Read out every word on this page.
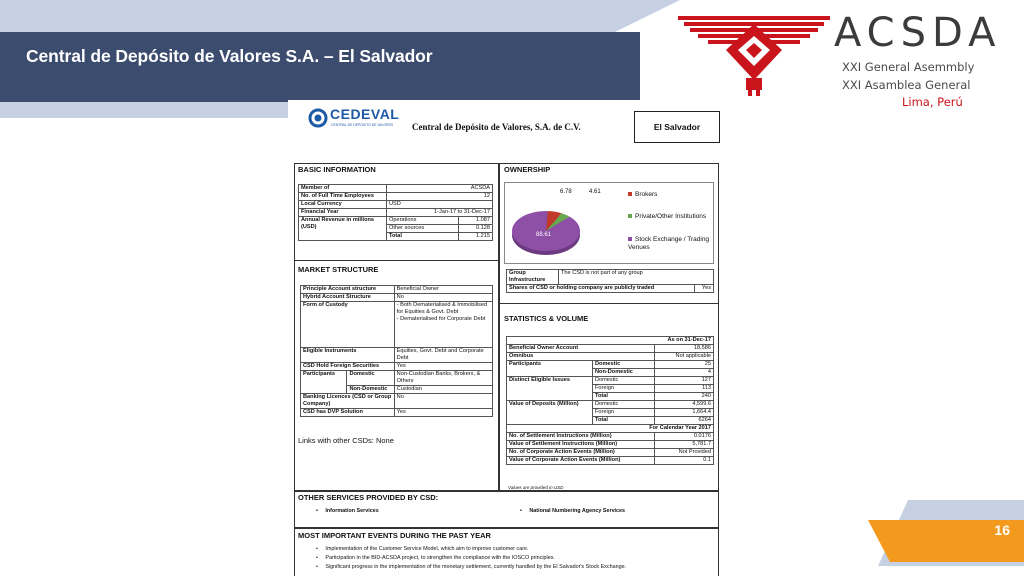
Central de Depósito de Valores S.A. – El Salvador	ACSDA
XXI General Asemmbly
XXI Asamblea General
Lima, Perú
CEDEVAL
CENTRAL DE DEPOSITO DE VALORES Central de Depósito de Valores, S.A. de C.V.	El Salvador
BASIC INFORMATION
Member of	ACSDA	
No. of Full Time Employees	12	
Local Currency	USD	
Financial Year	1-Jan-17 to 31-Dec-17	
Annual Revenue in millions (USD)	Operations	1.087
	Other sources	0.128
	Total	1.215
MARKET STRUCTURE
Principle Account structure		Beneficial Owner
Hybrid Account Structure		No
Form of Custody		- Both Dematerialised & Immobilised for Equities & Govt. Debt
- Dematerialised for Corporate Debt

Eligible Instruments		Equities, Govt. Debt and Corporate Debt
CSD Hold Foreign Securities		Yes
Participants	Domestic	Non-Custodian Banks, Brokers, & Others
	Non-Domestic	Custodian
Banking Licences (CSD or Group Company)		No
CSD has DVP Solution		Yes
Links with other CSDs: None
OWNERSHIP
6.78	4.61
88.61
Brokers
Private/Other Institutions
Stock Exchange / Trading Venues
Group Infrastructure	The CSD is not part of any group	
Shares of CSD or holding company are publicly traded		Yes
STATISTICS & VOLUME
As on 31-Dec-17		
Beneficial Owner Account		18,586
Omnibus		Not applicable
Participants	Domestic	25
	Non-Domestic	4
Distinct Eligible Issues	Domestic	127
	Foreign	113
	Total	240
Value of Deposits (Million)	Domestic	4,599.6
	Foreign	1,664.4
	Total	6264
For Calendar Year 2017		
No. of Settlement Instructions (Million)		0.0176
Value of Settlement Instructions (Million)		5,781.7
No. of Corporate Action Events (Million)		Not Provided
Value of Corporate Action Events (Million)		0.1
Values are provided in USD
OTHER SERVICES PROVIDED BY CSD:
•     Information Services	•     National Numbering Agency Services
MOST IMPORTANT EVENTS DURING THE PAST YEAR
•     Implementation of the Customer Service Model, which aim to improve customer care.
•     Participation in the BID-ACSDA project, to strengthen the compliance with the IOSCO principles.
•     Significant progress in the implementation of the monetary settlement, currently handled by the El Salvador's Stock Exchange.
16
